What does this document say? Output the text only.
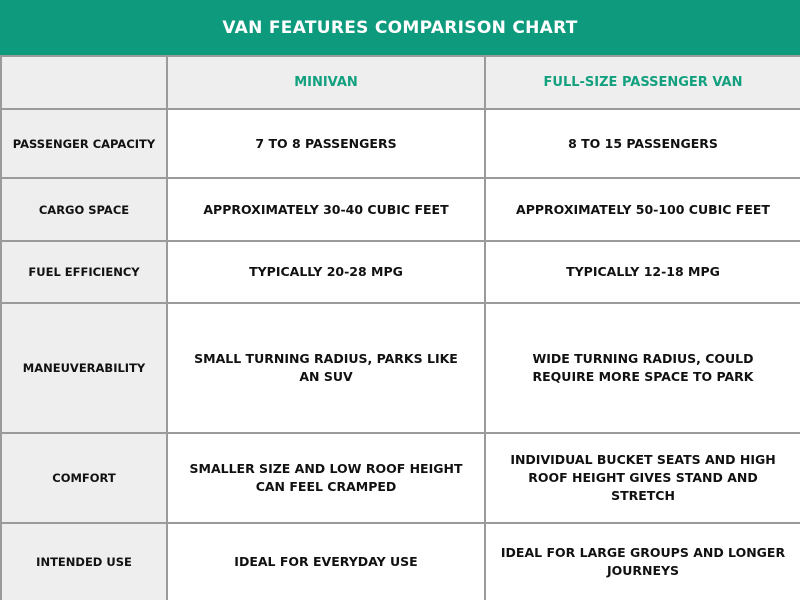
VAN FEATURES COMPARISON CHART
	MINIVAN	FULL-SIZE PASSENGER VAN
PASSENGER CAPACITY	7 TO 8 PASSENGERS	8 TO 15 PASSENGERS
CARGO SPACE	APPROXIMATELY 30-40 CUBIC FEET	APPROXIMATELY 50-100 CUBIC FEET
FUEL EFFICIENCY	TYPICALLY 20-28 MPG	TYPICALLY 12-18 MPG
MANEUVERABILITY	SMALL TURNING RADIUS, PARKS LIKE AN SUV	WIDE TURNING RADIUS, COULD REQUIRE MORE SPACE TO PARK
COMFORT	SMALLER SIZE AND LOW ROOF HEIGHT CAN FEEL CRAMPED	INDIVIDUAL BUCKET SEATS AND HIGH ROOF HEIGHT GIVES STAND AND STRETCH
INTENDED USE	IDEAL FOR EVERYDAY USE	IDEAL FOR LARGE GROUPS AND LONGER JOURNEYS
